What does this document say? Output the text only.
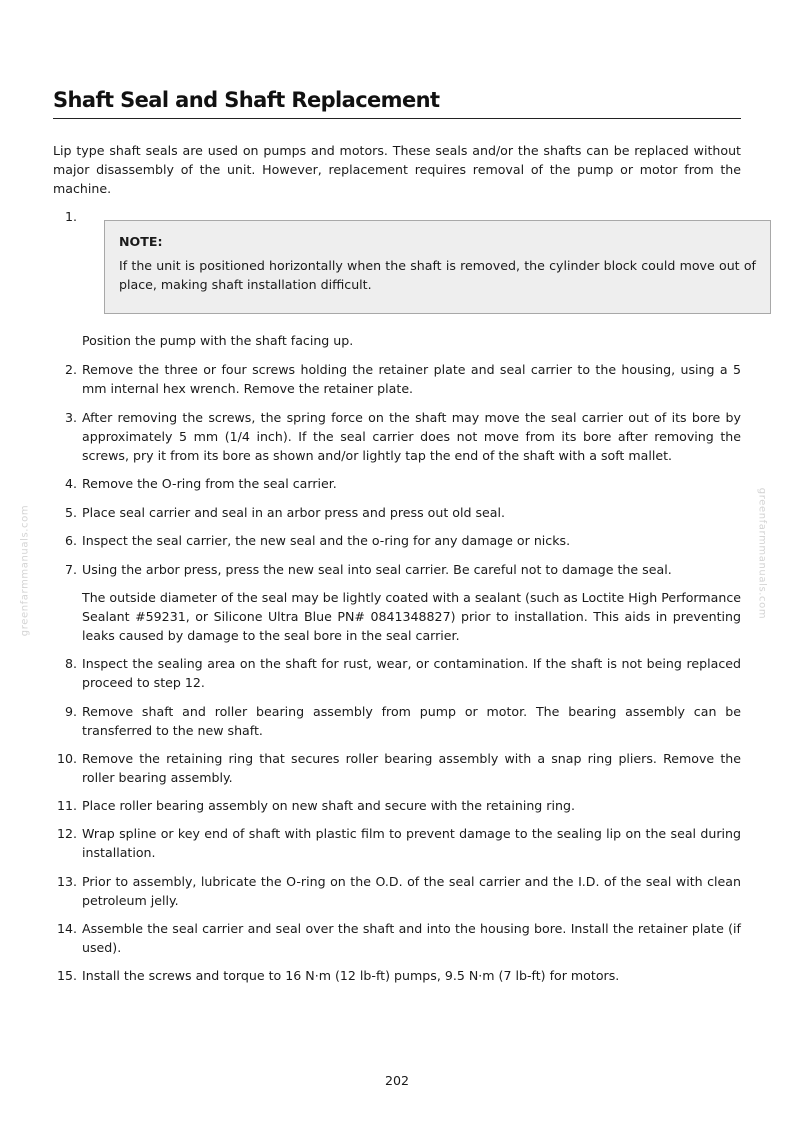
greenfarmmanuals.com	greenfarmmanuals.com
Shaft Seal and Shaft Replacement

Lip type shaft seals are used on pumps and motors. These seals and/or the shafts can be replaced without major disassembly of the unit. However, replacement requires removal of the pump or motor from the machine.

1.
Position the pump with the shaft facing up.
2. Remove the three or four screws holding the retainer plate and seal carrier to the housing, using a 5 mm internal hex wrench. Remove the retainer plate.
3. After removing the screws, the spring force on the shaft may move the seal carrier out of its bore by approximately 5 mm (1/4 inch). If the seal carrier does not move from its bore after removing the screws, pry it from its bore as shown and/or lightly tap the end of the shaft with a soft mallet.
4. Remove the O-ring from the seal carrier.
5. Place seal carrier and seal in an arbor press and press out old seal.
6. Inspect the seal carrier, the new seal and the o-ring for any damage or nicks.
7. Using the arbor press, press the new seal into seal carrier. Be careful not to damage the seal.
The outside diameter of the seal may be lightly coated with a sealant (such as Loctite High Performance Sealant #59231, or Silicone Ultra Blue PN# 0841348827) prior to installation. This aids in preventing leaks caused by damage to the seal bore in the seal carrier.
8. Inspect the sealing area on the shaft for rust, wear, or contamination. If the shaft is not being replaced proceed to step 12.
9. Remove shaft and roller bearing assembly from pump or motor. The bearing assembly can be transferred to the new shaft.
10. Remove the retaining ring that secures roller bearing assembly with a snap ring pliers. Remove the roller bearing assembly.
11. Place roller bearing assembly on new shaft and secure with the retaining ring.
12. Wrap spline or key end of shaft with plastic film to prevent damage to the sealing lip on the seal during installation.
13. Prior to assembly, lubricate the O-ring on the O.D. of the seal carrier and the I.D. of the seal with clean petroleum jelly.
14. Assemble the seal carrier and seal over the shaft and into the housing bore. Install the retainer plate (if used).
15. Install the screws and torque to 16 N·m (12 lb-ft) pumps, 9.5 N·m (7 lb-ft) for motors.
NOTE:
If the unit is positioned horizontally when the shaft is removed, the cylinder block could move out of place, making shaft installation difficult.
202
